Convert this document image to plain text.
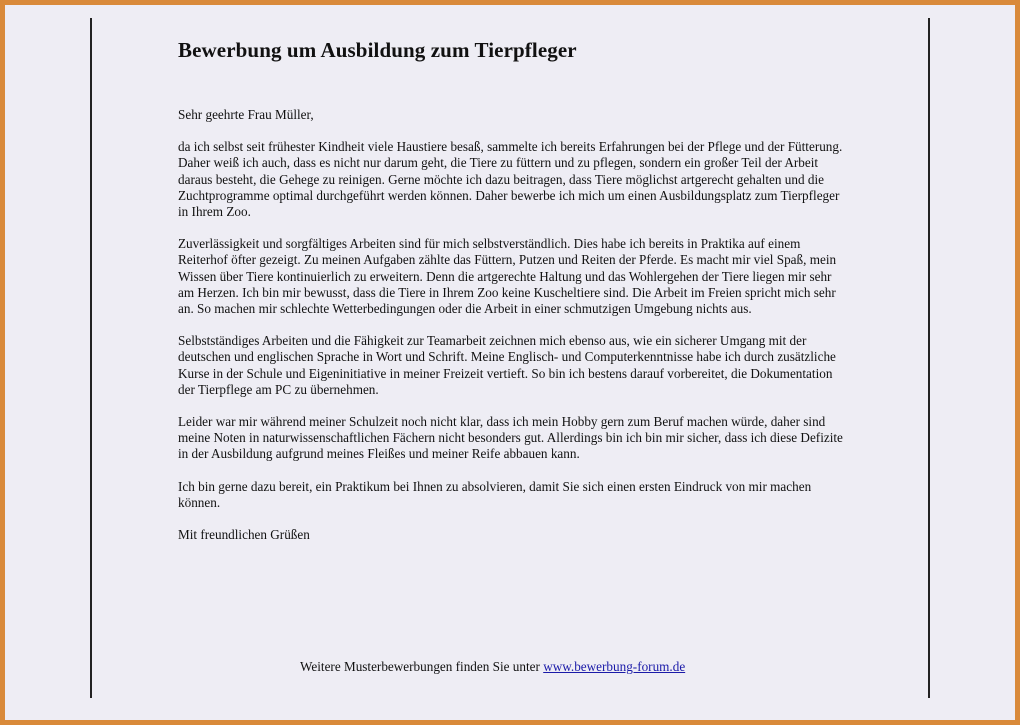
Bewerbung um Ausbildung zum Tierpfleger

Sehr geehrte Frau Müller,

da ich selbst seit frühester Kindheit viele Haustiere besaß, sammelte ich bereits Erfahrungen bei der Pflege und der Fütterung. Daher weiß ich auch, dass es nicht nur darum geht, die Tiere zu füttern und zu pflegen, sondern ein großer Teil der Arbeit daraus besteht, die Gehege zu reinigen. Gerne möchte ich dazu beitragen, dass Tiere möglichst artgerecht gehalten und die Zuchtprogramme optimal durchgeführt werden können. Daher bewerbe ich mich um einen Ausbildungsplatz zum Tierpfleger in Ihrem Zoo.

Zuverlässigkeit und sorgfältiges Arbeiten sind für mich selbstverständlich. Dies habe ich bereits in Praktika auf einem Reiterhof öfter gezeigt. Zu meinen Aufgaben zählte das Füttern, Putzen und Reiten der Pferde. Es macht mir viel Spaß, mein Wissen über Tiere kontinuierlich zu erweitern. Denn die artgerechte Haltung und das Wohlergehen der Tiere liegen mir sehr am Herzen. Ich bin mir bewusst, dass die Tiere in Ihrem Zoo keine Kuscheltiere sind. Die Arbeit im Freien spricht mich sehr an. So machen mir schlechte Wetterbedingungen oder die Arbeit in einer schmutzigen Umgebung nichts aus.

Selbstständiges Arbeiten und die Fähigkeit zur Teamarbeit zeichnen mich ebenso aus, wie ein sicherer Umgang mit der deutschen und englischen Sprache in Wort und Schrift. Meine Englisch- und Computerkenntnisse habe ich durch zusätzliche Kurse in der Schule und Eigeninitiative in meiner Freizeit vertieft. So bin ich bestens darauf vorbereitet, die Dokumentation der Tierpflege am PC zu übernehmen.

Leider war mir während meiner Schulzeit noch nicht klar, dass ich mein Hobby gern zum Beruf machen würde, daher sind meine Noten in naturwissenschaftlichen Fächern nicht besonders gut. Allerdings bin ich bin mir sicher, dass ich diese Defizite in der Ausbildung aufgrund meines Fleißes und meiner Reife abbauen kann.

Ich bin gerne dazu bereit, ein Praktikum bei Ihnen zu absolvieren, damit Sie sich einen ersten Eindruck von mir machen können.

Mit freundlichen Grüßen

Weitere Musterbewerbungen finden Sie unter www.bewerbung-forum.de
